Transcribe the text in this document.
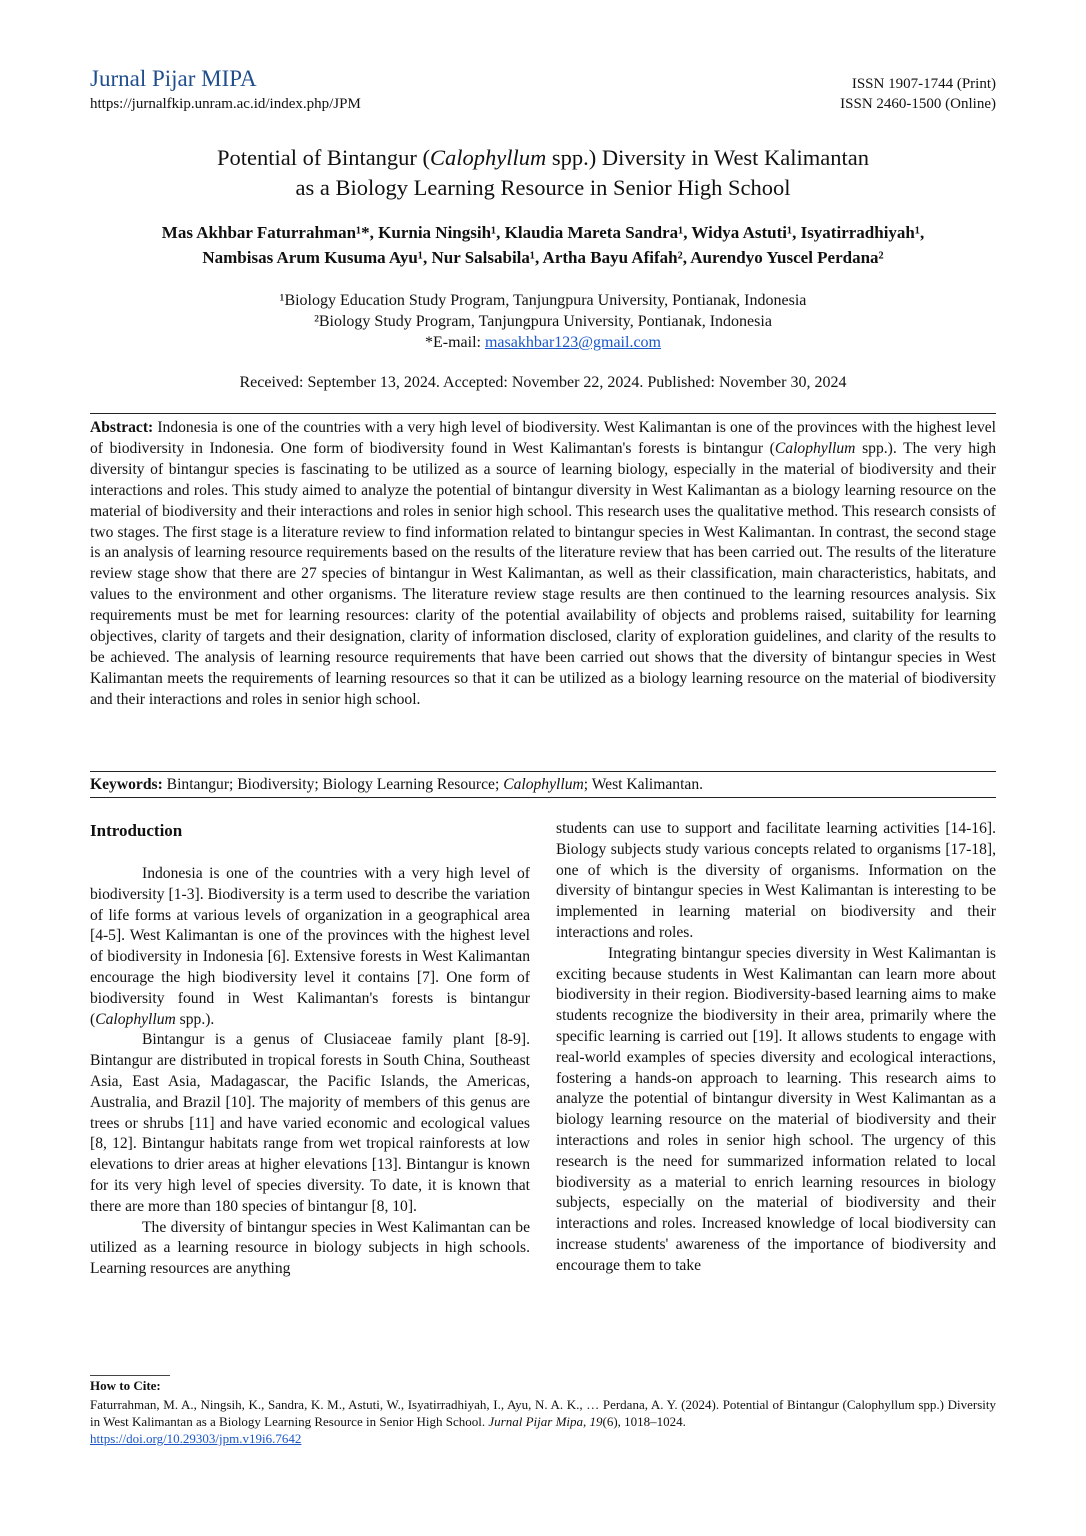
Jurnal Pijar MIPA
https://jurnalfkip.unram.ac.id/index.php/JPM
ISSN 1907-1744 (Print)
ISSN 2460-1500 (Online)
Potential of Bintangur (Calophyllum spp.) Diversity in West Kalimantan
as a Biology Learning Resource in Senior High School
Mas Akhbar Faturrahman¹*, Kurnia Ningsih¹, Klaudia Mareta Sandra¹, Widya Astuti¹, Isyatirradhiyah¹,
Nambisas Arum Kusuma Ayu¹, Nur Salsabila¹, Artha Bayu Afifah², Aurendyo Yuscel Perdana²
¹Biology Education Study Program, Tanjungpura University, Pontianak, Indonesia
²Biology Study Program, Tanjungpura University, Pontianak, Indonesia
*E-mail: masakhbar123@gmail.com
Received: September 13, 2024. Accepted: November 22, 2024. Published: November 30, 2024
Abstract: Indonesia is one of the countries with a very high level of biodiversity. West Kalimantan is one of the provinces with the highest level of biodiversity in Indonesia. One form of biodiversity found in West Kalimantan's forests is bintangur (Calophyllum spp.). The very high diversity of bintangur species is fascinating to be utilized as a source of learning biology, especially in the material of biodiversity and their interactions and roles. This study aimed to analyze the potential of bintangur diversity in West Kalimantan as a biology learning resource on the material of biodiversity and their interactions and roles in senior high school. This research uses the qualitative method. This research consists of two stages. The first stage is a literature review to find information related to bintangur species in West Kalimantan. In contrast, the second stage is an analysis of learning resource requirements based on the results of the literature review that has been carried out. The results of the literature review stage show that there are 27 species of bintangur in West Kalimantan, as well as their classification, main characteristics, habitats, and values to the environment and other organisms. The literature review stage results are then continued to the learning resources analysis. Six requirements must be met for learning resources: clarity of the potential availability of objects and problems raised, suitability for learning objectives, clarity of targets and their designation, clarity of information disclosed, clarity of exploration guidelines, and clarity of the results to be achieved. The analysis of learning resource requirements that have been carried out shows that the diversity of bintangur species in West Kalimantan meets the requirements of learning resources so that it can be utilized as a biology learning resource on the material of biodiversity and their interactions and roles in senior high school.
Keywords: Bintangur; Biodiversity; Biology Learning Resource; Calophyllum; West Kalimantan.
Introduction

Indonesia is one of the countries with a very high level of biodiversity [1-3]. Biodiversity is a term used to describe the variation of life forms at various levels of organization in a geographical area [4-5]. West Kalimantan is one of the provinces with the highest level of biodiversity in Indonesia [6]. Extensive forests in West Kalimantan encourage the high biodiversity level it contains [7]. One form of biodiversity found in West Kalimantan's forests is bintangur (Calophyllum spp.).

Bintangur is a genus of Clusiaceae family plant [8-9]. Bintangur are distributed in tropical forests in South China, Southeast Asia, East Asia, Madagascar, the Pacific Islands, the Americas, Australia, and Brazil [10]. The majority of members of this genus are trees or shrubs [11] and have varied economic and ecological values [8, 12]. Bintangur habitats range from wet tropical rainforests at low elevations to drier areas at higher elevations [13]. Bintangur is known for its very high level of species diversity. To date, it is known that there are more than 180 species of bintangur [8, 10].

The diversity of bintangur species in West Kalimantan can be utilized as a learning resource in biology subjects in high schools. Learning resources are anything

students can use to support and facilitate learning activities [14-16]. Biology subjects study various concepts related to organisms [17-18], one of which is the diversity of organisms. Information on the diversity of bintangur species in West Kalimantan is interesting to be implemented in learning material on biodiversity and their interactions and roles.

Integrating bintangur species diversity in West Kalimantan is exciting because students in West Kalimantan can learn more about biodiversity in their region. Biodiversity-based learning aims to make students recognize the biodiversity in their area, primarily where the specific learning is carried out [19]. It allows students to engage with real-world examples of species diversity and ecological interactions, fostering a hands-on approach to learning. This research aims to analyze the potential of bintangur diversity in West Kalimantan as a biology learning resource on the material of biodiversity and their interactions and roles in senior high school. The urgency of this research is the need for summarized information related to local biodiversity as a material to enrich learning resources in biology subjects, especially on the material of biodiversity and their interactions and roles. Increased knowledge of local biodiversity can increase students' awareness of the importance of biodiversity and encourage them to take

How to Cite:
Faturrahman, M. A., Ningsih, K., Sandra, K. M., Astuti, W., Isyatirradhiyah, I., Ayu, N. A. K., … Perdana, A. Y. (2024). Potential of Bintangur (Calophyllum spp.) Diversity in West Kalimantan as a Biology Learning Resource in Senior High School. Jurnal Pijar Mipa, 19(6), 1018–1024.
https://doi.org/10.29303/jpm.v19i6.7642
